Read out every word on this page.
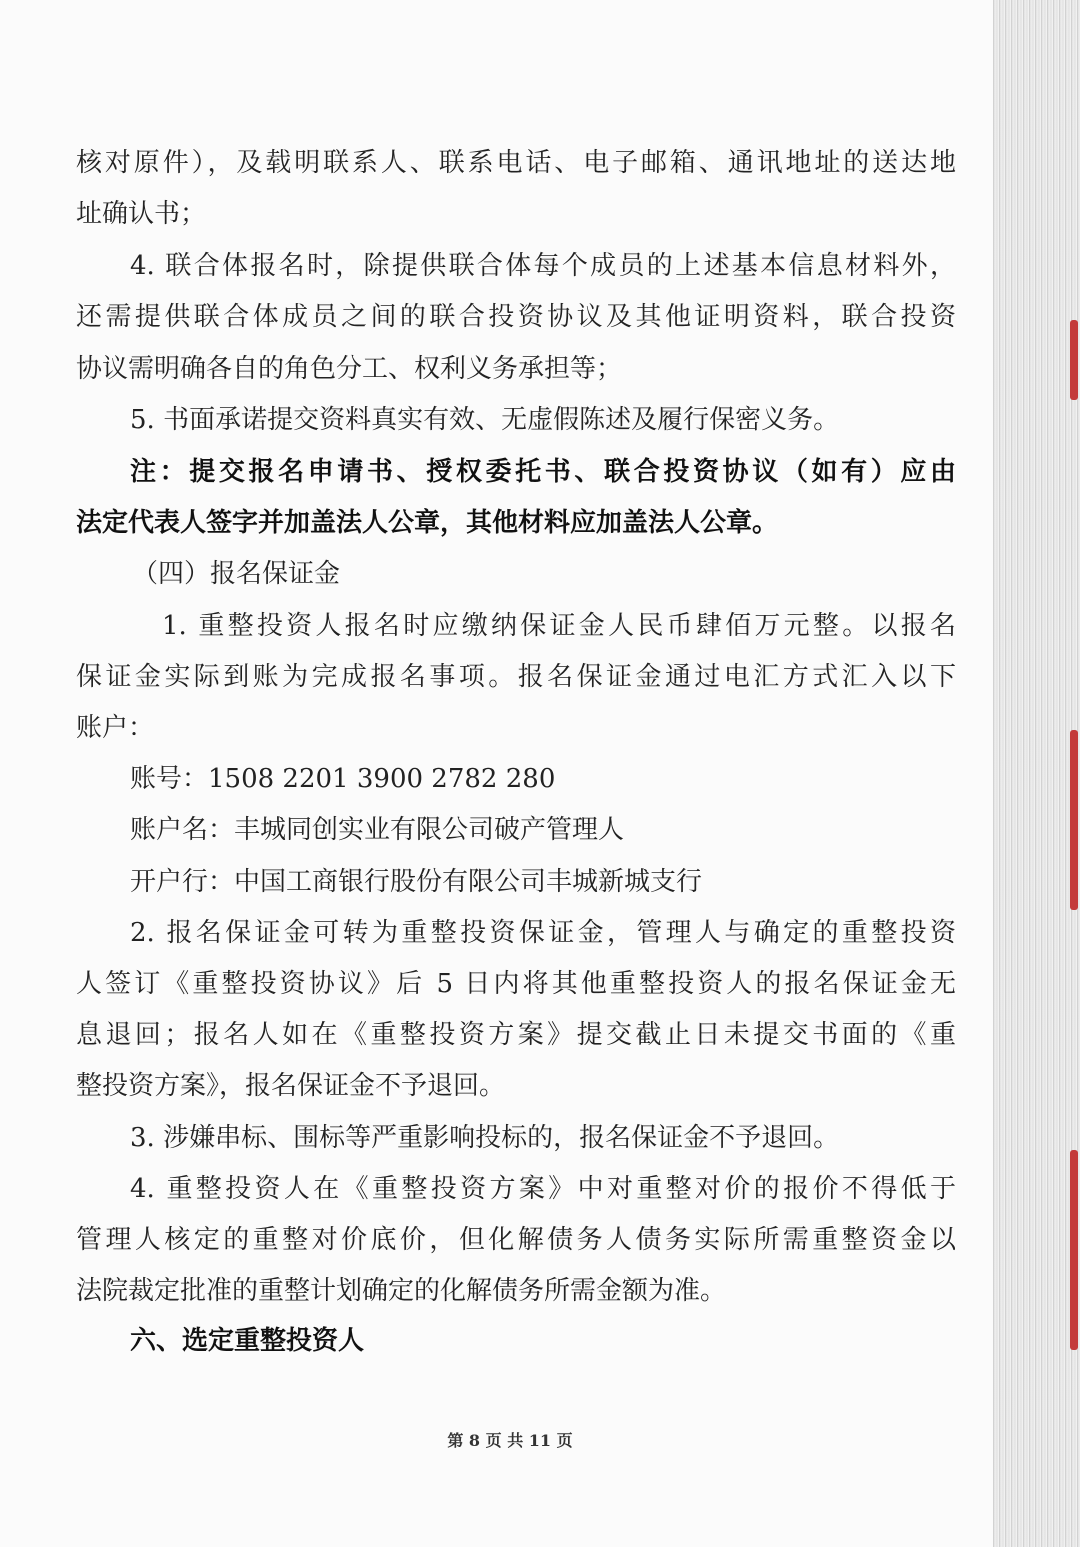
核对原件），及载明联系人、联系电话、电子邮箱、通讯地址的送达地
址确认书；
4. 联合体报名时，除提供联合体每个成员的上述基本信息材料外，
还需提供联合体成员之间的联合投资协议及其他证明资料，联合投资
协议需明确各自的角色分工、权利义务承担等；
5. 书面承诺提交资料真实有效、无虚假陈述及履行保密义务。
注：提交报名申请书、授权委托书、联合投资协议（如有）应由
法定代表人签字并加盖法人公章，其他材料应加盖法人公章。
（四）报名保证金
1. 重整投资人报名时应缴纳保证金人民币肆佰万元整。以报名
保证金实际到账为完成报名事项。报名保证金通过电汇方式汇入以下
账户：
账号：1508 2201 3900 2782 280
账户名：丰城同创实业有限公司破产管理人
开户行：中国工商银行股份有限公司丰城新城支行
2. 报名保证金可转为重整投资保证金，管理人与确定的重整投资
人签订《重整投资协议》后 5 日内将其他重整投资人的报名保证金无
息退回；报名人如在《重整投资方案》提交截止日未提交书面的《重
整投资方案》，报名保证金不予退回。
3. 涉嫌串标、围标等严重影响投标的，报名保证金不予退回。
4. 重整投资人在《重整投资方案》中对重整对价的报价不得低于
管理人核定的重整对价底价，但化解债务人债务实际所需重整资金以
法院裁定批准的重整计划确定的化解债务所需金额为准。
六、选定重整投资人
第 8 页 共 11 页
